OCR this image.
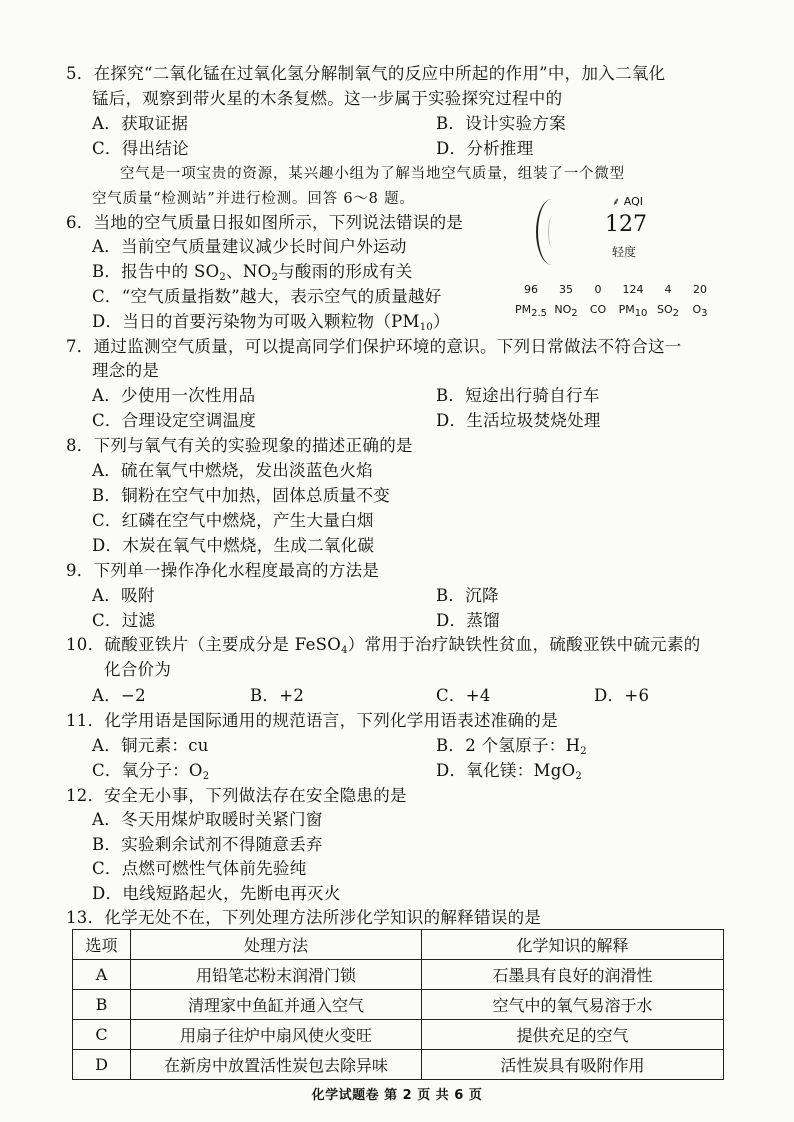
5．在探究“二氧化锰在过氧化氢分解制氧气的反应中所起的作用”中，加入二氧化
锰后，观察到带火星的木条复燃。这一步属于实验探究过程中的
A．获取证据	B．设计实验方案
C．得出结论	D．分析推理
空气是一项宝贵的资源，某兴趣小组为了解当地空气质量，组装了一个微型
空气质量“检测站”并进行检测。回答 6～8 题。
6．当地的空气质量日报如图所示，下列说法错误的是
A．当前空气质量建议减少长时间户外运动
B．报告中的 $SO_2$、$NO_2$与酸雨的形成有关
C．“空气质量指数”越大，表示空气的质量越好
D．当日的首要污染物为可吸入颗粒物$(PM_{10})$
⸙ AQI
127
轻度
96
$PM_{2.5}$
35
$NO_2$
0
CO
124
$PM_{10}$
4
$SO_2$
20
$O_3$
7．通过监测空气质量，可以提高同学们保护环境的意识。下列日常做法不符合这一
理念的是
A．少使用一次性用品	B．短途出行骑自行车
C．合理设定空调温度	D．生活垃圾焚烧处理
8．下列与氧气有关的实验现象的描述正确的是
A．硫在氧气中燃烧，发出淡蓝色火焰
B．铜粉在空气中加热，固体总质量不变
C．红磷在空气中燃烧，产生大量白烟
D．木炭在氧气中燃烧，生成二氧化碳
9．下列单一操作净化水程度最高的方法是
A．吸附	B．沉降
C．过滤	D．蒸馏
10．硫酸亚铁片（主要成分是 FeSO$_4$）常用于治疗缺铁性贫血，硫酸亚铁中硫元素的
化合价为
A．−2	B．+2	C．+4	D．+6
11．化学用语是国际通用的规范语言，下列化学用语表述准确的是
A．铜元素：cu	B．2 个氢原子：$H_2$
C．氧分子：$O_2$	D．氧化镁：MgO$_2$
12．安全无小事，下列做法存在安全隐患的是
A．冬天用煤炉取暖时关紧门窗
B．实验剩余试剂不得随意丢弃
C．点燃可燃性气体前先验纯
D．电线短路起火，先断电再灭火
13．化学无处不在，下列处理方法所涉化学知识的解释错误的是
选项	处理方法	化学知识的解释
A	用铅笔芯粉末润滑门锁	石墨具有良好的润滑性
B	清理家中鱼缸并通入空气	空气中的氧气易溶于水
C	用扇子往炉中扇风使火变旺	提供充足的空气
D	在新房中放置活性炭包去除异味	活性炭具有吸附作用
化学试题卷 第 2 页 共 6 页
